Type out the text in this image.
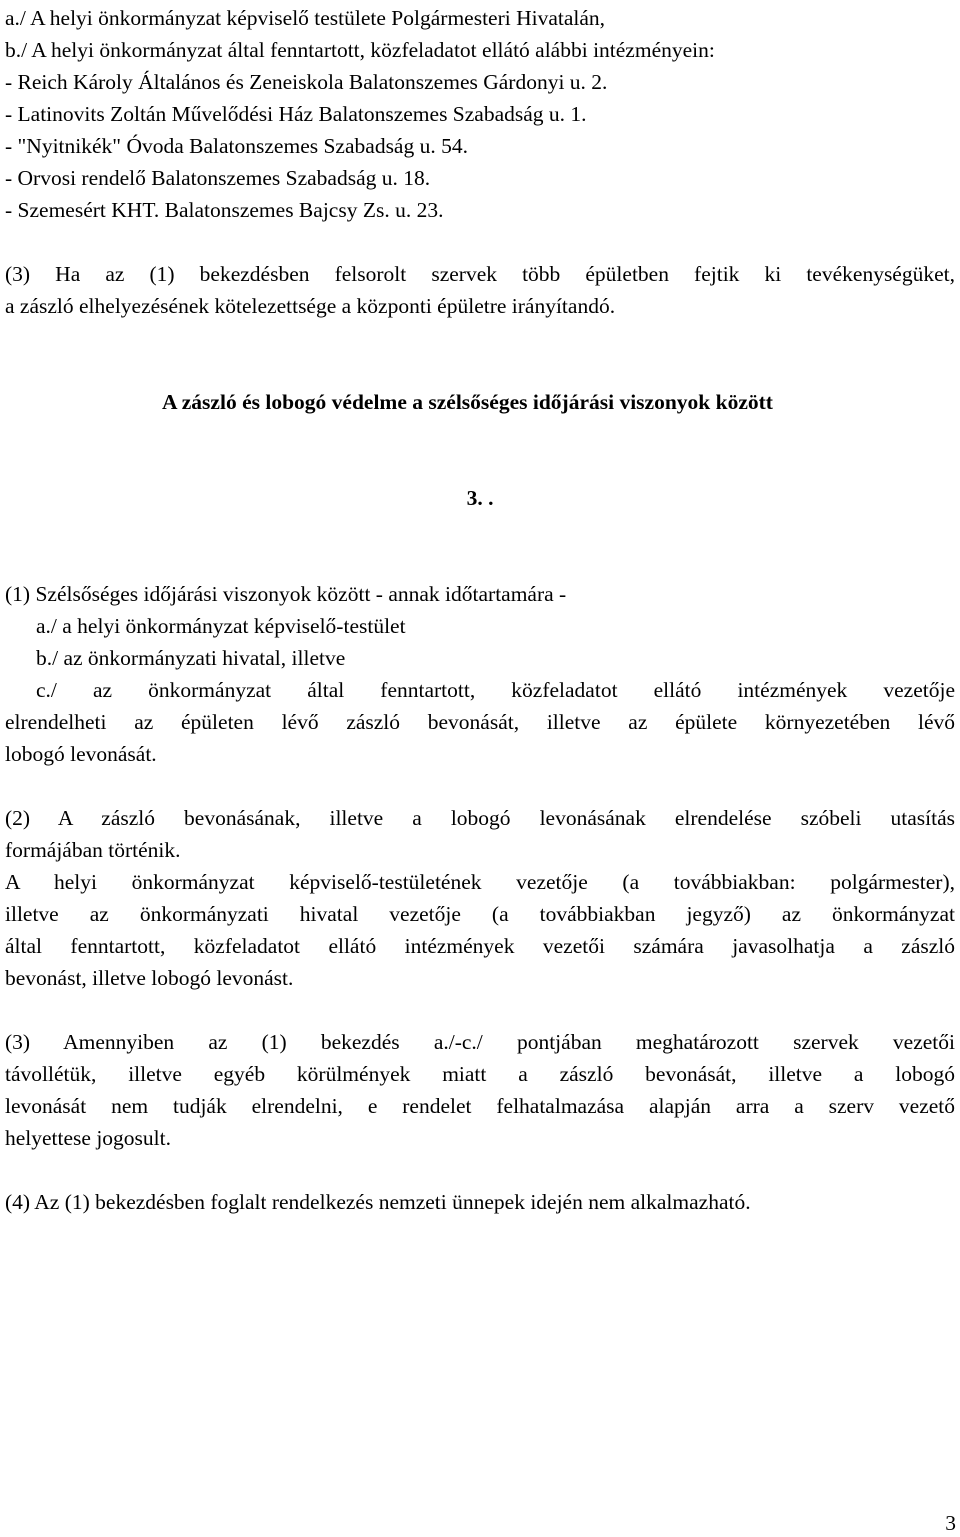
a./ A helyi önkormányzat képviselő testülete Polgármesteri Hivatalán,
b./ A helyi önkormányzat által fenntartott, közfeladatot ellátó alábbi intézményein:
- Reich Károly Általános és Zeneiskola Balatonszemes Gárdonyi u. 2.
- Latinovits Zoltán Művelődési Ház Balatonszemes Szabadság u. 1.
- "Nyitnikék" Óvoda Balatonszemes Szabadság u. 54.
- Orvosi rendelő Balatonszemes Szabadság u. 18.
- Szemesért KHT. Balatonszemes Bajcsy Zs. u. 23.
(3) Ha az (1) bekezdésben felsorolt szervek több épületben fejtik ki tevékenységüket,
a zászló elhelyezésének kötelezettsége a központi épületre irányítandó.
A zászló és lobogó védelme a szélsőséges időjárási viszonyok között
3. .
(1) Szélsőséges időjárási viszonyok között - annak időtartamára -
a./ a helyi önkormányzat képviselő-testület
b./ az önkormányzati hivatal, illetve
c./ az önkormányzat által fenntartott, közfeladatot ellátó intézmények vezetője
elrendelheti az épületen lévő zászló bevonását, illetve az épülete környezetében lévő
lobogó levonását.
(2) A zászló bevonásának, illetve a lobogó levonásának elrendelése szóbeli utasítás
formájában történik.
A helyi önkormányzat képviselő-testületének vezetője (a továbbiakban: polgármester),
illetve az önkormányzati hivatal vezetője (a továbbiakban jegyző) az önkormányzat
által fenntartott, közfeladatot ellátó intézmények vezetői számára javasolhatja a zászló
bevonást, illetve lobogó levonást.
(3) Amennyiben az (1) bekezdés a./-c./ pontjában meghatározott szervek vezetői
távollétük, illetve egyéb körülmények miatt a zászló bevonását, illetve a lobogó
levonását nem tudják elrendelni, e rendelet felhatalmazása alapján arra a szerv vezető
helyettese jogosult.
(4) Az (1) bekezdésben foglalt rendelkezés nemzeti ünnepek idején nem alkalmazható.
3
